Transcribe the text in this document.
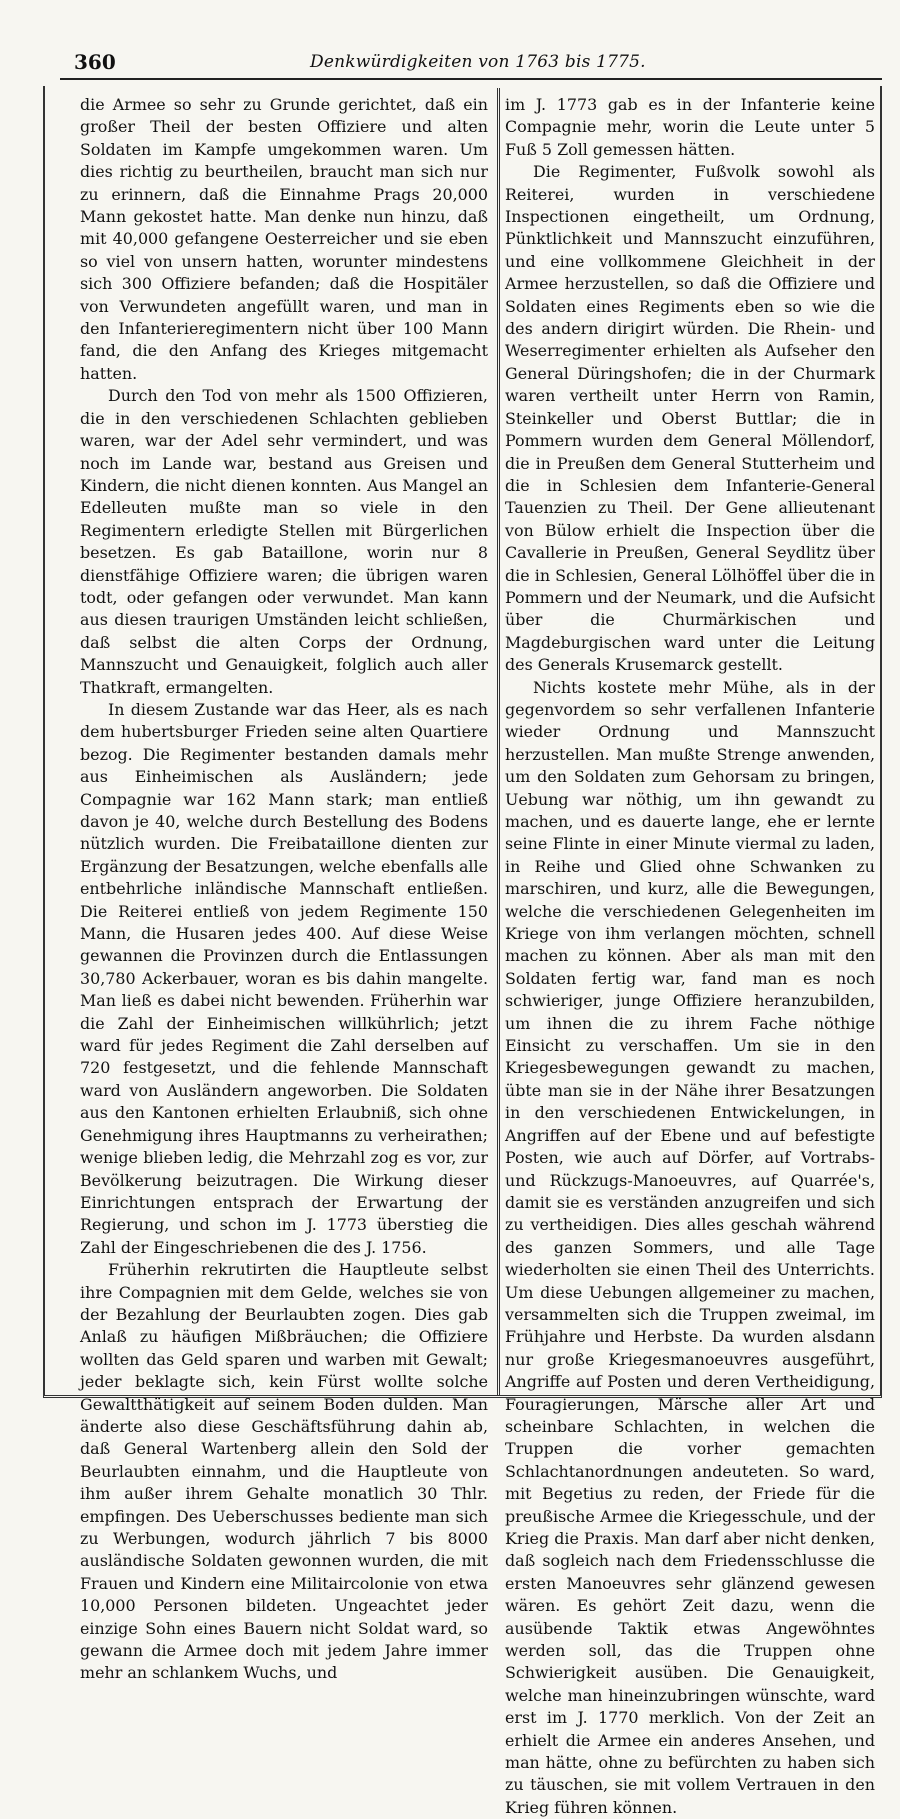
360	Denkwürdigkeiten von 1763 bis 1775.

die Armee so sehr zu Grunde gerichtet, daß ein großer Theil der besten Offiziere und alten Soldaten im Kampfe umgekommen waren. Um dies richtig zu beurtheilen, braucht man sich nur zu erinnern, daß die Einnahme Prags 20,000 Mann gekostet hatte. Man denke nun hinzu, daß mit 40,000 gefangene Oesterreicher und sie eben so viel von unsern hatten, worunter mindestens sich 300 Offiziere befanden; daß die Hospitäler von Verwundeten angefüllt waren, und man in den Infanterieregimentern nicht über 100 Mann fand, die den Anfang des Krieges mitgemacht hatten.

Durch den Tod von mehr als 1500 Offizieren, die in den verschiedenen Schlachten geblieben waren, war der Adel sehr vermindert, und was noch im Lande war, bestand aus Greisen und Kindern, die nicht dienen konnten. Aus Mangel an Edelleuten mußte man so viele in den Regimentern erledigte Stellen mit Bürgerlichen besetzen. Es gab Bataillone, worin nur 8 dienstfähige Offiziere waren; die übrigen waren todt, oder gefangen oder verwundet. Man kann aus diesen traurigen Umständen leicht schließen, daß selbst die alten Corps der Ordnung, Mannszucht und Genauigkeit, folglich auch aller Thatkraft, ermangelten.

In diesem Zustande war das Heer, als es nach dem hubertsburger Frieden seine alten Quartiere bezog. Die Regimenter bestanden damals mehr aus Einheimischen als Ausländern; jede Compagnie war 162 Mann stark; man entließ davon je 40, welche durch Bestellung des Bodens nützlich wurden. Die Freibataillone dienten zur Ergänzung der Besatzungen, welche ebenfalls alle entbehrliche inländische Mannschaft entließen. Die Reiterei entließ von jedem Regimente 150 Mann, die Husaren jedes 400. Auf diese Weise gewannen die Provinzen durch die Entlassungen 30,780 Ackerbauer, woran es bis dahin mangelte. Man ließ es dabei nicht bewenden. Früherhin war die Zahl der Einheimischen willkührlich; jetzt ward für jedes Regiment die Zahl derselben auf 720 festgesetzt, und die fehlende Mannschaft ward von Ausländern angeworben. Die Soldaten aus den Kantonen erhielten Erlaubniß, sich ohne Genehmigung ihres Hauptmanns zu verheirathen; wenige blieben ledig, die Mehrzahl zog es vor, zur Bevölkerung beizutragen. Die Wirkung dieser Einrichtungen entsprach der Erwartung der Regierung, und schon im J. 1773 überstieg die Zahl der Eingeschriebenen die des J. 1756.

Früherhin rekrutirten die Hauptleute selbst ihre Compagnien mit dem Gelde, welches sie von der Bezahlung der Beurlaubten zogen. Dies gab Anlaß zu häufigen Mißbräuchen; die Offiziere wollten das Geld sparen und warben mit Gewalt; jeder beklagte sich, kein Fürst wollte solche Gewaltthätigkeit auf seinem Boden dulden. Man änderte also diese Geschäftsführung dahin ab, daß General Wartenberg allein den Sold der Beurlaubten einnahm, und die Hauptleute von ihm außer ihrem Gehalte monatlich 30 Thlr. empfingen. Des Ueberschusses bediente man sich zu Werbungen, wodurch jährlich 7 bis 8000 ausländische Soldaten gewonnen wurden, die mit Frauen und Kindern eine Militaircolonie von etwa 10,000 Personen bildeten. Ungeachtet jeder einzige Sohn eines Bauern nicht Soldat ward, so gewann die Armee doch mit jedem Jahre immer mehr an schlankem Wuchs, und

im J. 1773 gab es in der Infanterie keine Compagnie mehr, worin die Leute unter 5 Fuß 5 Zoll gemessen hätten.

Die Regimenter, Fußvolk sowohl als Reiterei, wurden in verschiedene Inspectionen eingetheilt, um Ordnung, Pünktlichkeit und Mannszucht einzuführen, und eine vollkommene Gleichheit in der Armee herzustellen, so daß die Offiziere und Soldaten eines Regiments eben so wie die des andern dirigirt würden. Die Rhein- und Weserregimenter erhielten als Aufseher den General Düringshofen; die in der Churmark waren vertheilt unter Herrn von Ramin, Steinkeller und Oberst Buttlar; die in Pommern wurden dem General Möllendorf, die in Preußen dem General Stutterheim und die in Schlesien dem Infanterie-General Tauenzien zu Theil. Der Gene allieutenant von Bülow erhielt die Inspection über die Cavallerie in Preußen, General Seydlitz über die in Schlesien, General Lölhöffel über die in Pommern und der Neumark, und die Aufsicht über die Churmärkischen und Magdeburgischen ward unter die Leitung des Generals Krusemarck gestellt.

Nichts kostete mehr Mühe, als in der gegenvordem so sehr verfallenen Infanterie wieder Ordnung und Mannszucht herzustellen. Man mußte Strenge anwenden, um den Soldaten zum Gehorsam zu bringen, Uebung war nöthig, um ihn gewandt zu machen, und es dauerte lange, ehe er lernte seine Flinte in einer Minute viermal zu laden, in Reihe und Glied ohne Schwanken zu marschiren, und kurz, alle die Bewegungen, welche die verschiedenen Gelegenheiten im Kriege von ihm verlangen möchten, schnell machen zu können. Aber als man mit den Soldaten fertig war, fand man es noch schwieriger, junge Offiziere heranzubilden, um ihnen die zu ihrem Fache nöthige Einsicht zu verschaffen. Um sie in den Kriegesbewegungen gewandt zu machen, übte man sie in der Nähe ihrer Besatzungen in den verschiedenen Entwickelungen, in Angriffen auf der Ebene und auf befestigte Posten, wie auch auf Dörfer, auf Vortrabs- und Rückzugs-Manoeuvres, auf Quarrée's, damit sie es verständen anzugreifen und sich zu vertheidigen. Dies alles geschah während des ganzen Sommers, und alle Tage wiederholten sie einen Theil des Unterrichts. Um diese Uebungen allgemeiner zu machen, versammelten sich die Truppen zweimal, im Frühjahre und Herbste. Da wurden alsdann nur große Kriegesmanoeuvres ausgeführt, Angriffe auf Posten und deren Vertheidigung, Fouragierungen, Märsche aller Art und scheinbare Schlachten, in welchen die Truppen die vorher gemachten Schlachtanordnungen andeuteten. So ward, mit Begetius zu reden, der Friede für die preußische Armee die Kriegesschule, und der Krieg die Praxis. Man darf aber nicht denken, daß sogleich nach dem Friedensschlusse die ersten Manoeuvres sehr glänzend gewesen wären. Es gehört Zeit dazu, wenn die ausübende Taktik etwas Angewöhntes werden soll, das die Truppen ohne Schwierigkeit ausüben. Die Genauigkeit, welche man hineinzubringen wünschte, ward erst im J. 1770 merklich. Von der Zeit an erhielt die Armee ein anderes Ansehen, und man hätte, ohne zu befürchten zu haben sich zu täuschen, sie mit vollem Vertrauen in den Krieg führen können.
